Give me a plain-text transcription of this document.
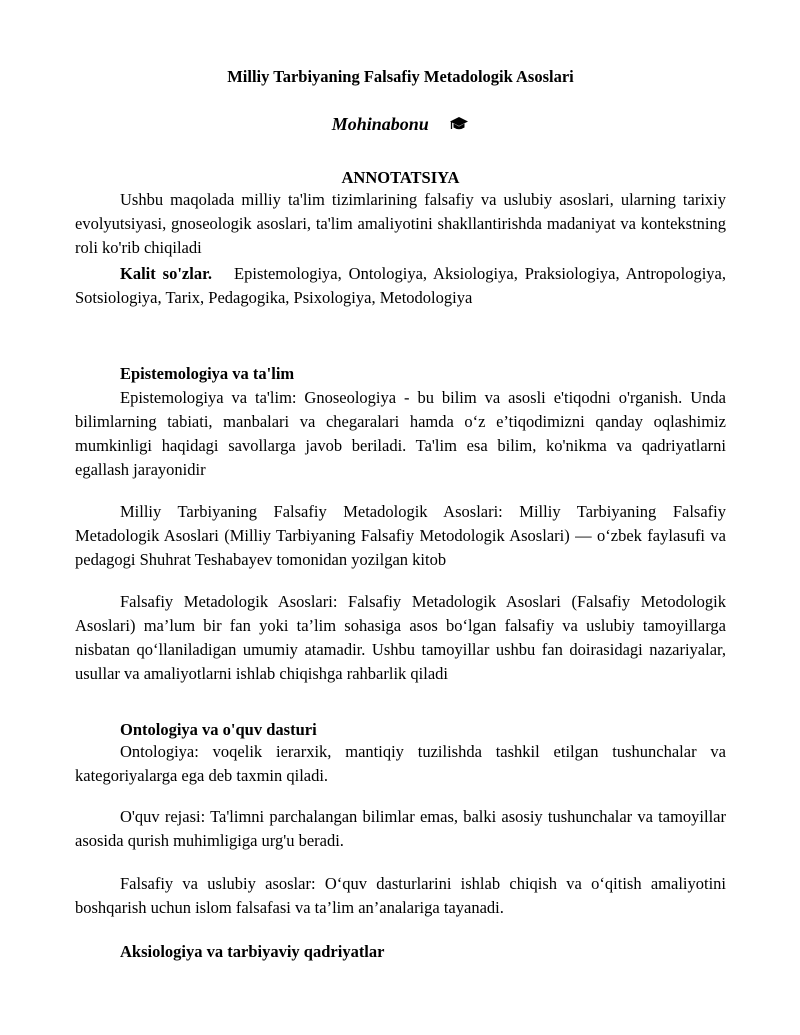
Milliy Tarbiyaning Falsafiy Metadologik Asoslari
Mohinabonu
ANNOTATSIYA

Ushbu maqolada milliy ta'lim tizimlarining falsafiy va uslubiy asoslari, ularning tarixiy evolyutsiyasi, gnoseologik asoslari, ta'lim amaliyotini shakllantirishda madaniyat va kontekstning roli ko'rib chiqiladi

Kalit so'zlar. Epistemologiya, Ontologiya, Aksiologiya, Praksiologiya, Antropologiya, Sotsiologiya, Tarix, Pedagogika, Psixologiya, Metodologiya

Epistemologiya va ta'lim

Epistemologiya va ta'lim: Gnoseologiya - bu bilim va asosli e'tiqodni o'rganish. Unda bilimlarning tabiati, manbalari va chegaralari hamda o‘z e’tiqodimizni qanday oqlashimiz mumkinligi haqidagi savollarga javob beriladi. Ta'lim esa bilim, ko'nikma va qadriyatlarni egallash jarayonidir

Milliy Tarbiyaning Falsafiy Metadologik Asoslari: Milliy Tarbiyaning Falsafiy Metadologik Asoslari (Milliy Tarbiyaning Falsafiy Metodologik Asoslari) — o‘zbek faylasufi va pedagogi Shuhrat Teshabayev tomonidan yozilgan kitob

Falsafiy Metadologik Asoslari: Falsafiy Metadologik Asoslari (Falsafiy Metodologik Asoslari) ma’lum bir fan yoki ta’lim sohasiga asos bo‘lgan falsafiy va uslubiy tamoyillarga nisbatan qo‘llaniladigan umumiy atamadir. Ushbu tamoyillar ushbu fan doirasidagi nazariyalar, usullar va amaliyotlarni ishlab chiqishga rahbarlik qiladi

Ontologiya va o'quv dasturi

Ontologiya: voqelik ierarxik, mantiqiy tuzilishda tashkil etilgan tushunchalar va kategoriyalarga ega deb taxmin qiladi.

O'quv rejasi: Ta'limni parchalangan bilimlar emas, balki asosiy tushunchalar va tamoyillar asosida qurish muhimligiga urg'u beradi.

Falsafiy va uslubiy asoslar: O‘quv dasturlarini ishlab chiqish va o‘qitish amaliyotini boshqarish uchun islom falsafasi va ta’lim an’analariga tayanadi.

Aksiologiya va tarbiyaviy qadriyatlar
